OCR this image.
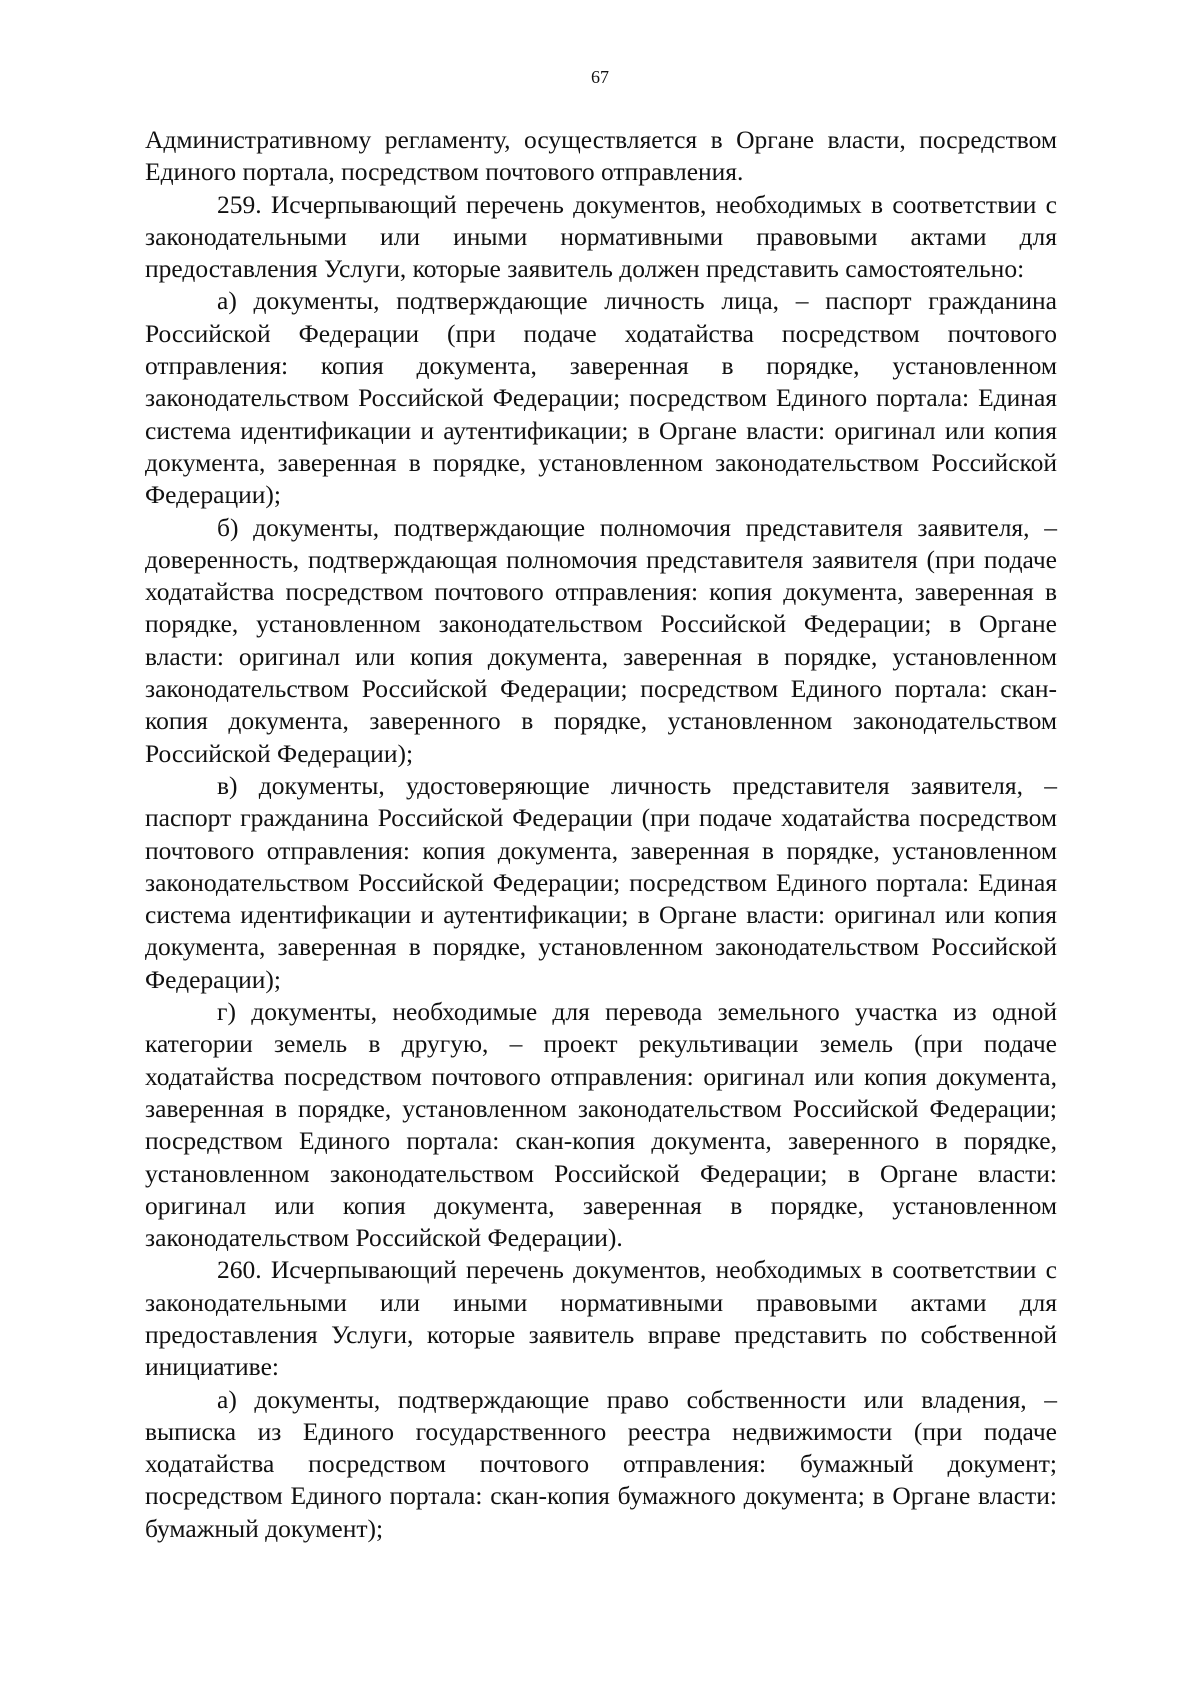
67

Административному регламенту, осуществляется в Органе власти, посредством Единого портала, посредством почтового отправления.

259. Исчерпывающий перечень документов, необходимых в соответствии с законодательными или иными нормативными правовыми актами для предоставления Услуги, которые заявитель должен представить самостоятельно:

а) документы, подтверждающие личность лица, – паспорт гражданина Российской Федерации (при подаче ходатайства посредством почтового отправления: копия документа, заверенная в порядке, установленном законодательством Российской Федерации; посредством Единого портала: Единая система идентификации и аутентификации; в Органе власти: оригинал или копия документа, заверенная в порядке, установленном законодательством Российской Федерации);

б) документы, подтверждающие полномочия представителя заявителя, – доверенность, подтверждающая полномочия представителя заявителя (при подаче ходатайства посредством почтового отправления: копия документа, заверенная в порядке, установленном законодательством Российской Федерации; в Органе власти: оригинал или копия документа, заверенная в порядке, установленном законодательством Российской Федерации; посредством Единого портала: скан-копия документа, заверенного в порядке, установленном законодательством Российской Федерации);

в) документы, удостоверяющие личность представителя заявителя, – паспорт гражданина Российской Федерации (при подаче ходатайства посредством почтового отправления: копия документа, заверенная в порядке, установленном законодательством Российской Федерации; посредством Единого портала: Единая система идентификации и аутентификации; в Органе власти: оригинал или копия документа, заверенная в порядке, установленном законодательством Российской Федерации);

г) документы, необходимые для перевода земельного участка из одной категории земель в другую, – проект рекультивации земель (при подаче ходатайства посредством почтового отправления: оригинал или копия документа, заверенная в порядке, установленном законодательством Российской Федерации; посредством Единого портала: скан-копия документа, заверенного в порядке, установленном законодательством Российской Федерации; в Органе власти: оригинал или копия документа, заверенная в порядке, установленном законодательством Российской Федерации).

260. Исчерпывающий перечень документов, необходимых в соответствии с законодательными или иными нормативными правовыми актами для предоставления Услуги, которые заявитель вправе представить по собственной инициативе:

а) документы, подтверждающие право собственности или владения, – выписка из Единого государственного реестра недвижимости (при подаче ходатайства посредством почтового отправления: бумажный документ; посредством Единого портала: скан-копия бумажного документа; в Органе власти: бумажный документ);
